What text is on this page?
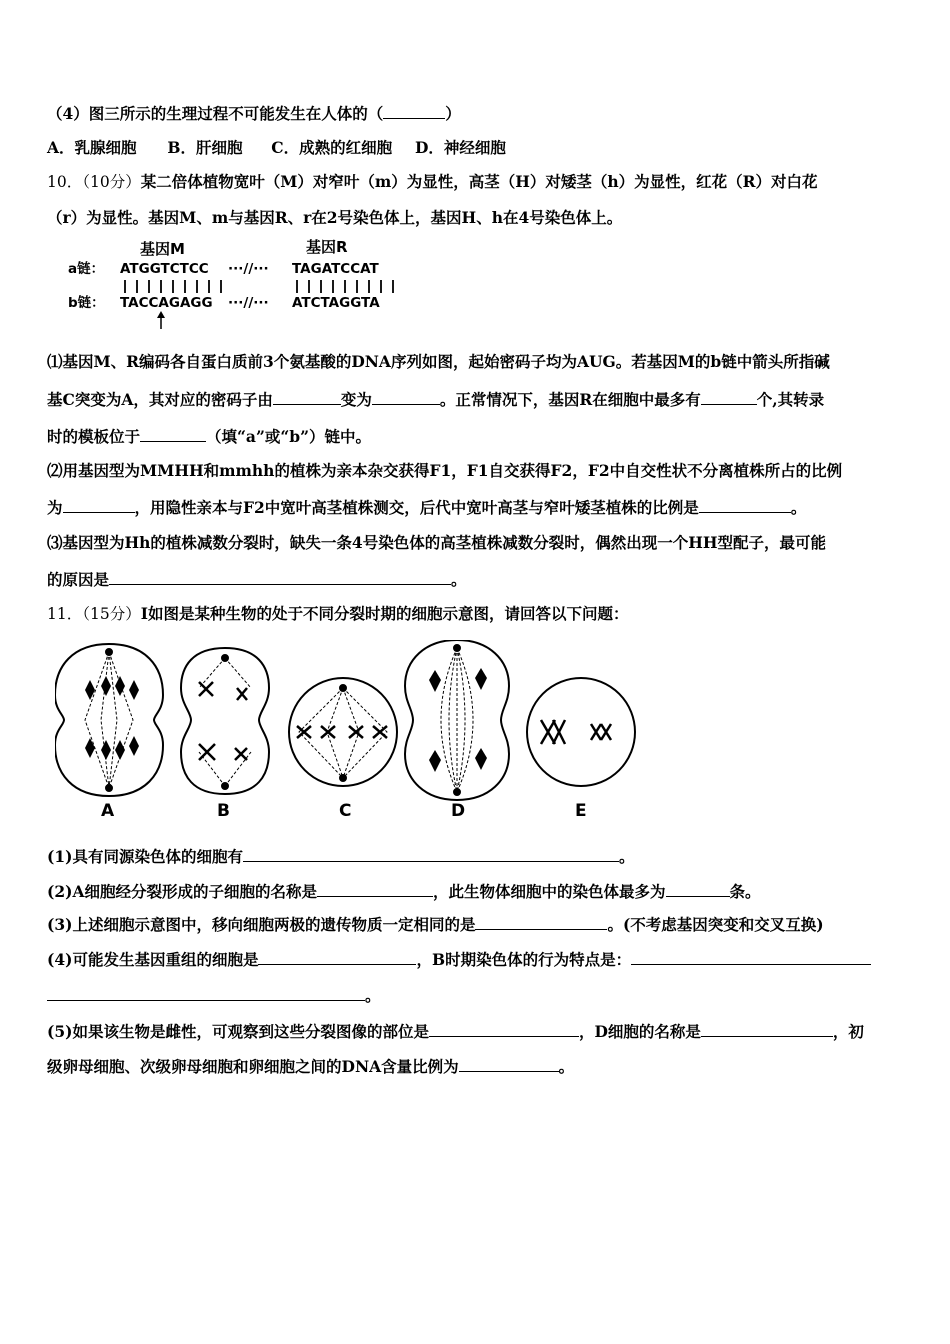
（4）图三所示的生理过程不可能发生在人体的（	）
A．乳腺细胞 B．肝细胞 C．成熟的红细胞 D．神经细胞
10．（10分）某二倍体植物宽叶（M）对窄叶（m）为显性，高茎（H）对矮茎（h）为显性，红花（R）对白花
（r）为显性。基因M、m与基因R、r在2号染色体上，基因H、h在4号染色体上。
基因M	基因R
a链： ATGGTCTCC ···//··· TAGATCCAT
b链： TACCAGAGG ···//··· ATCTAGGTA
⑴基因M、R编码各自蛋白质前3个氨基酸的DNA序列如图，起始密码子均为AUG。若基因M的b链中箭头所指碱
基C突变为A，其对应的密码子由	变为	。正常情况下，基因R在细胞中最多有	个,其转录
时的模板位于	（填“a”或“b”）链中。
⑵用基因型为MMHH和mmhh的植株为亲本杂交获得F1，F1自交获得F2，F2中自交性状不分离植株所占的比例
为	，用隐性亲本与F2中宽叶高茎植株测交，后代中宽叶高茎与窄叶矮茎植株的比例是	。
⑶基因型为Hh的植株减数分裂时，缺失一条4号染色体的高茎植株减数分裂时，偶然出现一个HH型配子，最可能
的原因是	。
11．（15分）I如图是某种生物的处于不同分裂时期的细胞示意图，请回答以下问题：
A	B	C	D	E
(1)具有同源染色体的细胞有	。
(2)A细胞经分裂形成的子细胞的名称是	，此生物体细胞中的染色体最多为	条。
(3)上述细胞示意图中，移向细胞两极的遗传物质一定相同的是	。(不考虑基因突变和交叉互换)
(4)可能发生基因重组的细胞是	，B时期染色体的行为特点是：
。
(5)如果该生物是雌性，可观察到这些分裂图像的部位是	，D细胞的名称是	，初
级卵母细胞、次级卵母细胞和卵细胞之间的DNA含量比例为	。
